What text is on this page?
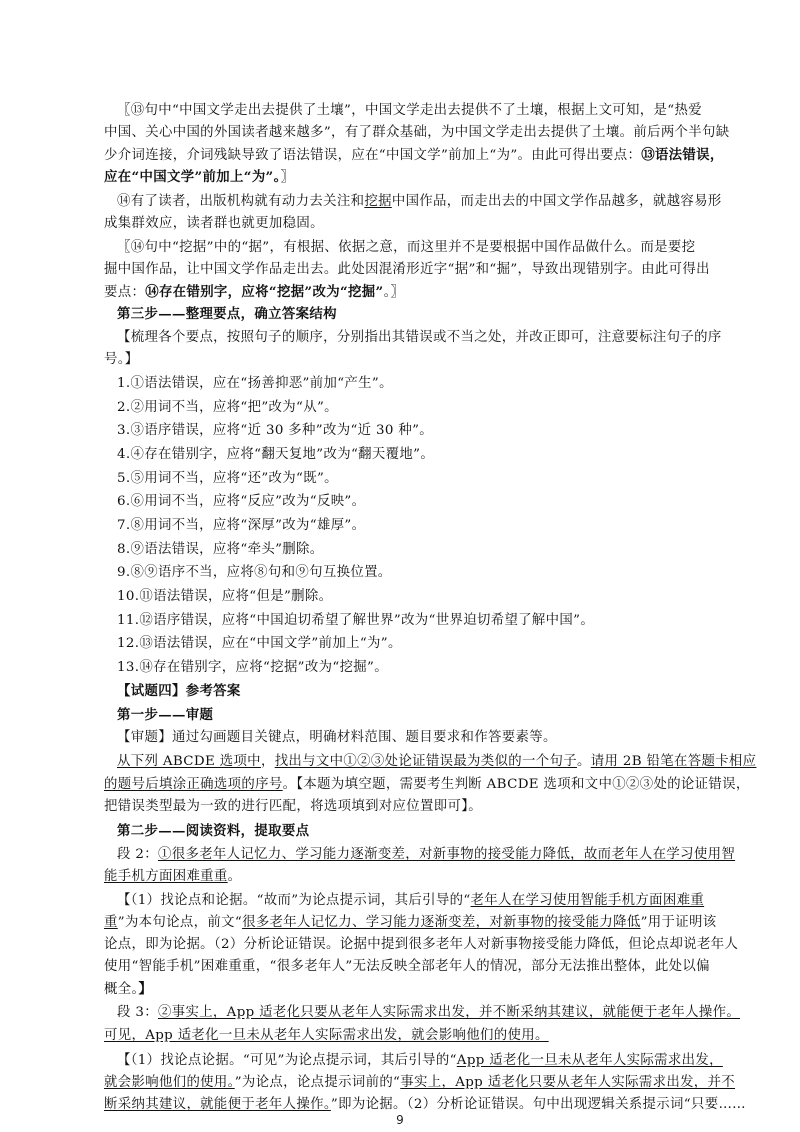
〖⑬句中“中国文学走出去提供了土壤”，中国文学走出去提供不了土壤，根据上文可知，是“热爱
中国、关心中国的外国读者越来越多”，有了群众基础，为中国文学走出去提供了土壤。前后两个半句缺
少介词连接，介词残缺导致了语法错误，应在“中国文学”前加上“为”。由此可得出要点：⑬语法错误，
应在“中国文学”前加上“为”。〗
⑭有了读者，出版机构就有动力去关注和挖据中国作品，而走出去的中国文学作品越多，就越容易形
成集群效应，读者群也就更加稳固。
〖⑭句中“挖据”中的“据”，有根据、依据之意，而这里并不是要根据中国作品做什么。而是要挖
掘中国作品，让中国文学作品走出去。此处因混淆形近字“据”和“掘”，导致出现错别字。由此可得出
要点：⑭存在错别字，应将“挖据”改为“挖掘”。〗
第三步——整理要点，确立答案结构
【梳理各个要点，按照句子的顺序，分别指出其错误或不当之处，并改正即可，注意要标注句子的序
号。】
1.①语法错误，应在“扬善抑恶”前加“产生”。
2.②用词不当，应将“把”改为“从”。
3.③语序错误，应将“近 30 多种”改为“近 30 种”。
4.④存在错别字，应将“翻天复地”改为“翻天覆地”。
5.⑤用词不当，应将“还”改为“既”。
6.⑥用词不当，应将“反应”改为“反映”。
7.⑧用词不当，应将“深厚”改为“雄厚”。
8.⑨语法错误，应将“牵头”删除。
9.⑧⑨语序不当，应将⑧句和⑨句互换位置。
10.⑪语法错误，应将“但是”删除。
11.⑫语序错误，应将“中国迫切希望了解世界”改为“世界迫切希望了解中国”。
12.⑬语法错误，应在“中国文学”前加上“为”。
13.⑭存在错别字，应将“挖据”改为“挖掘”。
【试题四】参考答案
第一步——审题
【审题】通过勾画题目关键点，明确材料范围、题目要求和作答要素等。
从下列 ABCDE 选项中，找出与文中①②③处论证错误最为类似的一个句子。请用 2B 铅笔在答题卡相应
的题号后填涂正确选项的序号。【本题为填空题，需要考生判断 ABCDE 选项和文中①②③处的论证错误，
把错误类型最为一致的进行匹配，将选项填到对应位置即可】。
第二步——阅读资料，提取要点
段 2：①很多老年人记忆力、学习能力逐渐变差，对新事物的接受能力降低，故而老年人在学习使用智
能手机方面困难重重。
【（1）找论点和论据。“故而”为论点提示词，其后引导的“老年人在学习使用智能手机方面困难重
重”为本句论点，前文“很多老年人记忆力、学习能力逐渐变差，对新事物的接受能力降低”用于证明该
论点，即为论据。（2）分析论证错误。论据中提到很多老年人对新事物接受能力降低，但论点却说老年人
使用“智能手机”困难重重，“很多老年人”无法反映全部老年人的情况，部分无法推出整体，此处以偏
概全。】
段 3：②事实上，App 适老化只要从老年人实际需求出发，并不断采纳其建议，就能便于老年人操作。
可见，App 适老化一旦未从老年人实际需求出发，就会影响他们的使用。
【（1）找论点论据。“可见”为论点提示词，其后引导的“App 适老化一旦未从老年人实际需求出发，
就会影响他们的使用。”为论点，论点提示词前的“事实上，App 适老化只要从老年人实际需求出发，并不
断采纳其建议，就能便于老年人操作。”即为论据。（2）分析论证错误。句中出现逻辑关系提示词“只要……
9
